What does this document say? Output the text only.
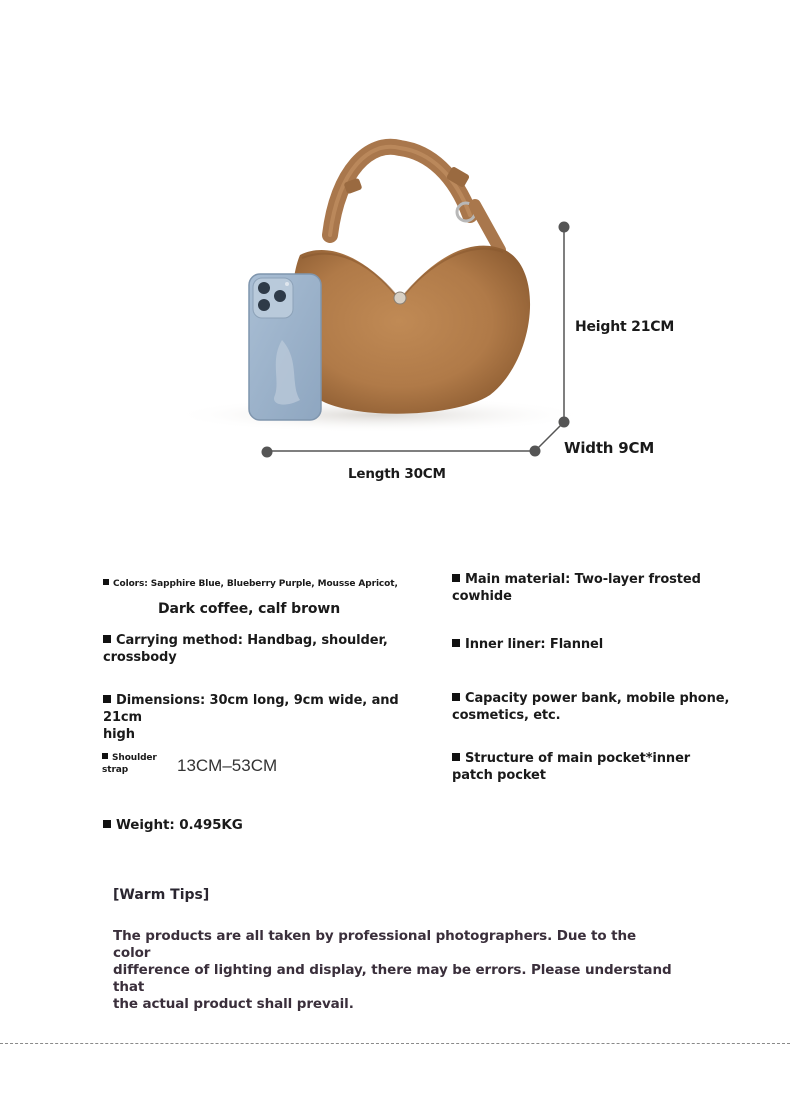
Height 21CM
Width 9CM
Length 30CM
Colors: Sapphire Blue, Blueberry Purple, Mousse Apricot,
Dark coffee, calf brown
Carrying method: Handbag, shoulder,
crossbody
Dimensions: 30cm long, 9cm wide, and 21cm
high
Shoulder
strap	13CM–53CM
Weight: 0.495KG
Main material: Two-layer frosted
cowhide
Inner liner: Flannel
Capacity power bank, mobile phone,
cosmetics, etc.
Structure of main pocket*inner
patch pocket
[Warm Tips]
The products are all taken by professional photographers. Due to the color
difference of lighting and display, there may be errors. Please understand that
the actual product shall prevail.
